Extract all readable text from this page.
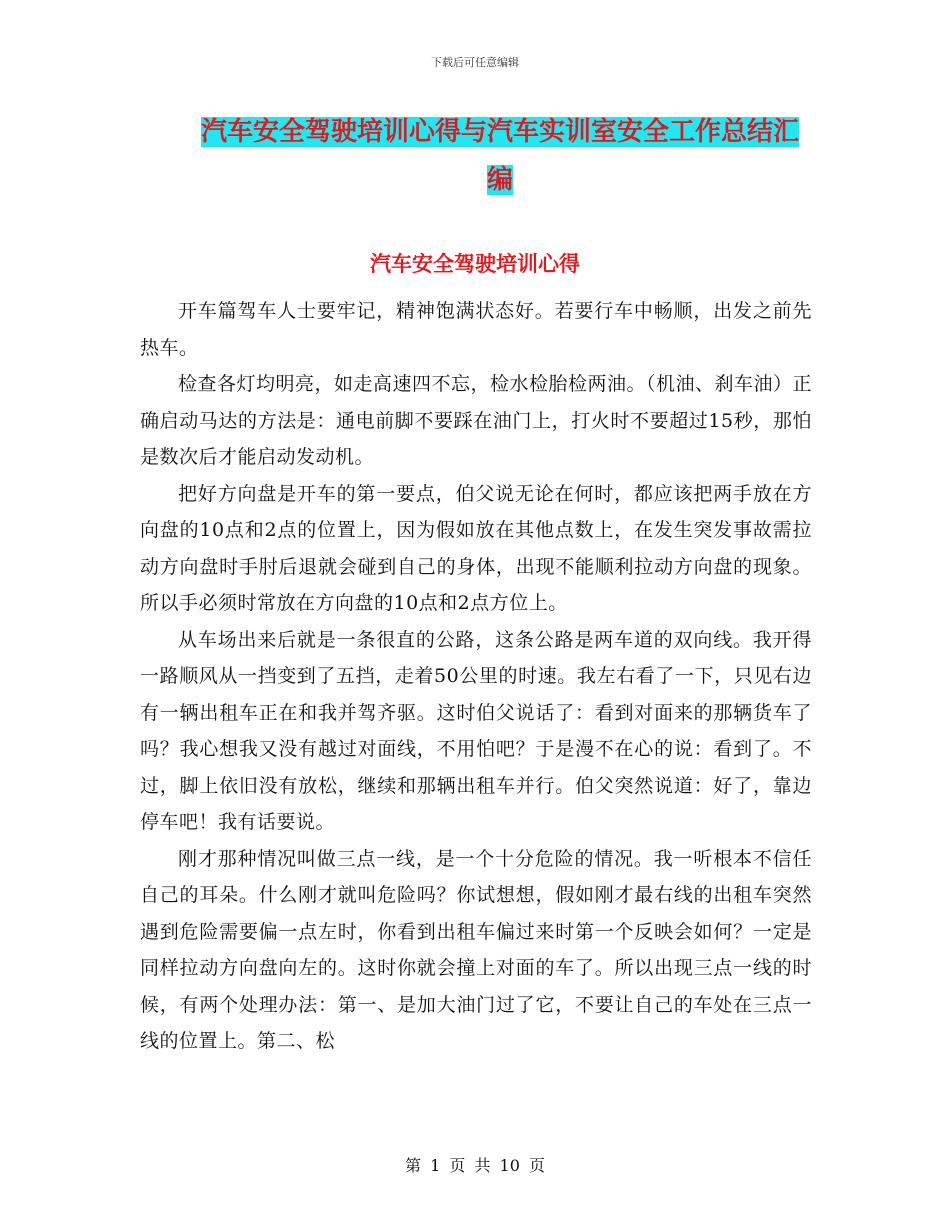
下载后可任意编辑
汽车安全驾驶培训心得与汽车实训室安全工作总结汇编
汽车安全驾驶培训心得

开车篇驾车人士要牢记，精神饱满状态好。若要行车中畅顺，出发之前先热车。

检查各灯均明亮，如走高速四不忘，检水检胎检两油。（机油、刹车油）正确启动马达的方法是：通电前脚不要踩在油门上，打火时不要超过15秒，那怕是数次后才能启动发动机。

把好方向盘是开车的第一要点，伯父说无论在何时，都应该把两手放在方向盘的10点和2点的位置上，因为假如放在其他点数上，在发生突发事故需拉动方向盘时手肘后退就会碰到自己的身体，出现不能顺利拉动方向盘的现象。所以手必须时常放在方向盘的10点和2点方位上。

从车场出来后就是一条很直的公路，这条公路是两车道的双向线。我开得一路顺风从一挡变到了五挡，走着50公里的时速。我左右看了一下，只见右边有一辆出租车正在和我并驾齐驱。这时伯父说话了：看到对面来的那辆货车了吗？我心想我又没有越过对面线，不用怕吧？于是漫不在心的说：看到了。不过，脚上依旧没有放松，继续和那辆出租车并行。伯父突然说道：好了，靠边停车吧！我有话要说。

刚才那种情况叫做三点一线，是一个十分危险的情况。我一听根本不信任自己的耳朵。什么刚才就叫危险吗？你试想想，假如刚才最右线的出租车突然遇到危险需要偏一点左时，你看到出租车偏过来时第一个反映会如何？一定是同样拉动方向盘向左的。这时你就会撞上对面的车了。所以出现三点一线的时候，有两个处理办法：第一、是加大油门过了它，不要让自己的车处在三点一线的位置上。第二、松

第 1 页 共 10 页
